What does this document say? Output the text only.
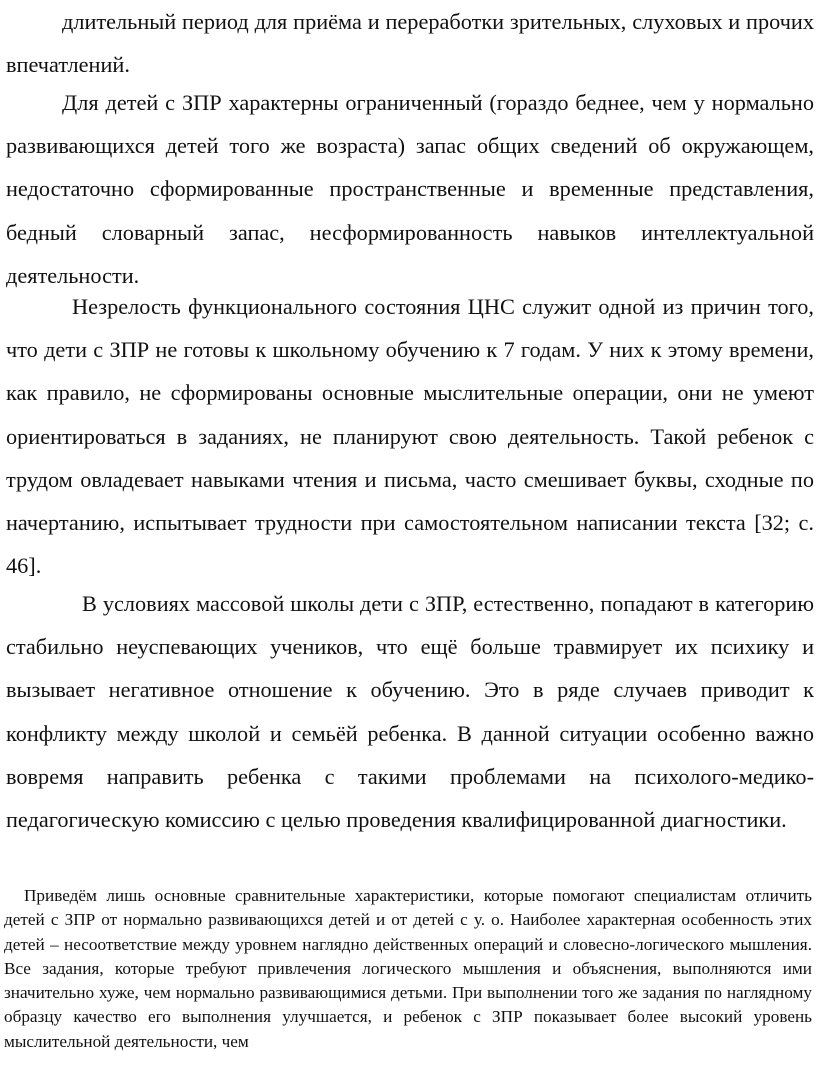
длительный период для приёма и переработки зрительных, слуховых и прочих впечатлений.

Для детей с ЗПР характерны ограниченный (гораздо беднее, чем у нормально развивающихся детей того же возраста) запас общих сведений об окружающем, недостаточно сформированные пространственные и временные представления, бедный словарный запас, несформированность навыков интеллектуальной деятельности.

Незрелость функционального состояния ЦНС служит одной из причин того, что дети с ЗПР не готовы к школьному обучению к 7 годам. У них к этому времени, как правило, не сформированы основные мыслительные операции, они не умеют ориентироваться в заданиях, не планируют свою деятельность. Такой ребенок с трудом овладевает навыками чтения и письма, часто смешивает буквы, сходные по начертанию, испытывает трудности при самостоятельном написании текста [32; с. 46].

В условиях массовой школы дети с ЗПР, естественно, попадают в категорию стабильно неуспевающих учеников, что ещё больше травмирует их психику и вызывает негативное отношение к обучению. Это в ряде случаев приводит к конфликту между школой и семьёй ребенка. В данной ситуации особенно важно вовремя направить ребенка с такими проблемами на психолого-медико-педагогическую комиссию с целью проведения квалифицированной диагностики.

Приведём лишь основные сравнительные характеристики, которые помогают специалистам отличить детей с ЗПР от нормально развивающихся детей и от детей с у. о. Наиболее характерная особенность этих детей – несоответствие между уровнем наглядно действенных операций и словесно-логического мышления. Все задания, которые требуют привлечения логического мышления и объяснения, выполняются ими значительно хуже, чем нормально развивающимися детьми. При выполнении того же задания по наглядному образцу качество его выполнения улучшается, и ребенок с ЗПР показывает более высокий уровень мыслительной деятельности, чем
